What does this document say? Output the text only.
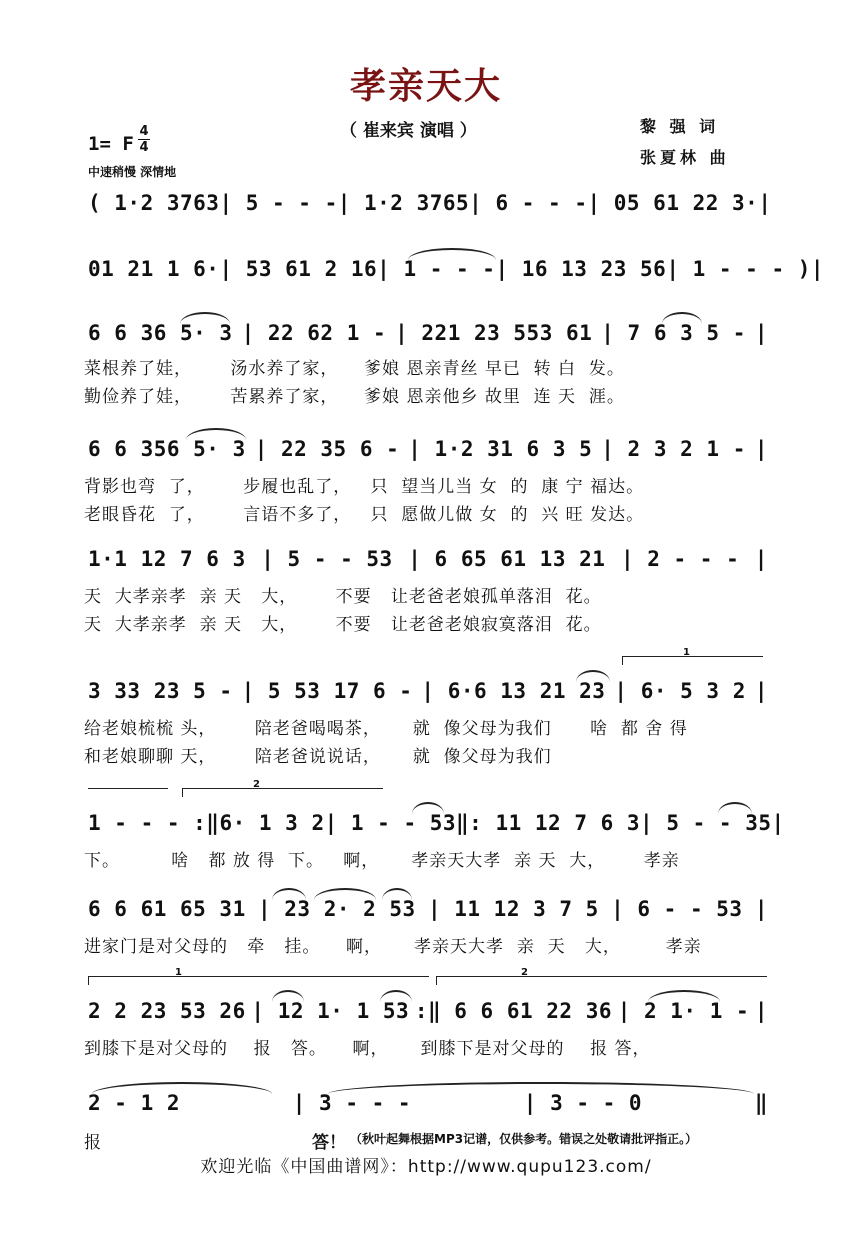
孝亲天大
（ 崔来宾 演唱 ）	黎 强 词
张夏林 曲
1= F
4
4
中速稍慢 深情地
( 1·2 3763 | 5 - - - | 1·2 3765 | 6 - - - | 05 61 22 3· |
01 21 1 6· | 53 61 2 16 | 1 - - - | 16 13 23 56 | 1 - - - ) |
6 6 36 5· 3 | 22 62 1 - | 221 23 553 61 | 7 6 3 5 - |
菜根养了娃，      汤水养了家，    爹娘 恩亲青丝 早已  转 白  发。
勤俭养了娃，      苦累养了家，    爹娘 恩亲他乡 故里  连 天  涯。
6 6 356 5· 3 | 22 35 6 - | 1·2 31 6 3 5 | 2 3 2 1 - |
背影也弯  了，      步履也乱了，   只  望当儿当 女  的  康 宁 福达。
老眼昏花  了，      言语不多了，   只  愿做儿做 女  的  兴 旺 发达。
1·1 12 7 6 3 | 5 - - 53 | 6 65 61 13 21 | 2 - - - |
天  大孝亲孝  亲 天   大，      不要   让老爸老娘孤单落泪  花。
天  大孝亲孝  亲 天   大，      不要   让老爸老娘寂寞落泪  花。
1
3 33 23 5 - | 5 53 17 6 - | 6·6 13 21 23 | 6· 5 3 2 |
给老娘梳梳 头，      陪老爸喝喝茶，     就  像父母为我们      啥  都 舍 得
和老娘聊聊 天，      陪老爸说说话，     就  像父母为我们
2
1 - - - :‖ 6· 1 3 2 | 1 - - 53 ‖: 11 12 7 6 3 | 5 - - 35 |
下。        啥   都 放 得  下。   啊，     孝亲天大孝  亲 天  大，      孝亲
6 6 61 65 31 | 23 2· 2 53 | 11 12 3 7 5 | 6 - - 53 |
进家门是对父母的   牵   挂。    啊，     孝亲天大孝  亲  天   大，       孝亲
1	2
2 2 23 53 26 | 12 1· 1 53 :‖ 6 6 61 22 36 | 2 1· 1 - |
到膝下是对父母的    报   答。    啊，     到膝下是对父母的    报 答，
2 - 1 2	| 3 - - -	| 3 - - 0	‖
报	答！ （秋叶起舞根据MP3记谱，仅供参考。错误之处敬请批评指正。）
欢迎光临《中国曲谱网》：http://www.qupu123.com/
